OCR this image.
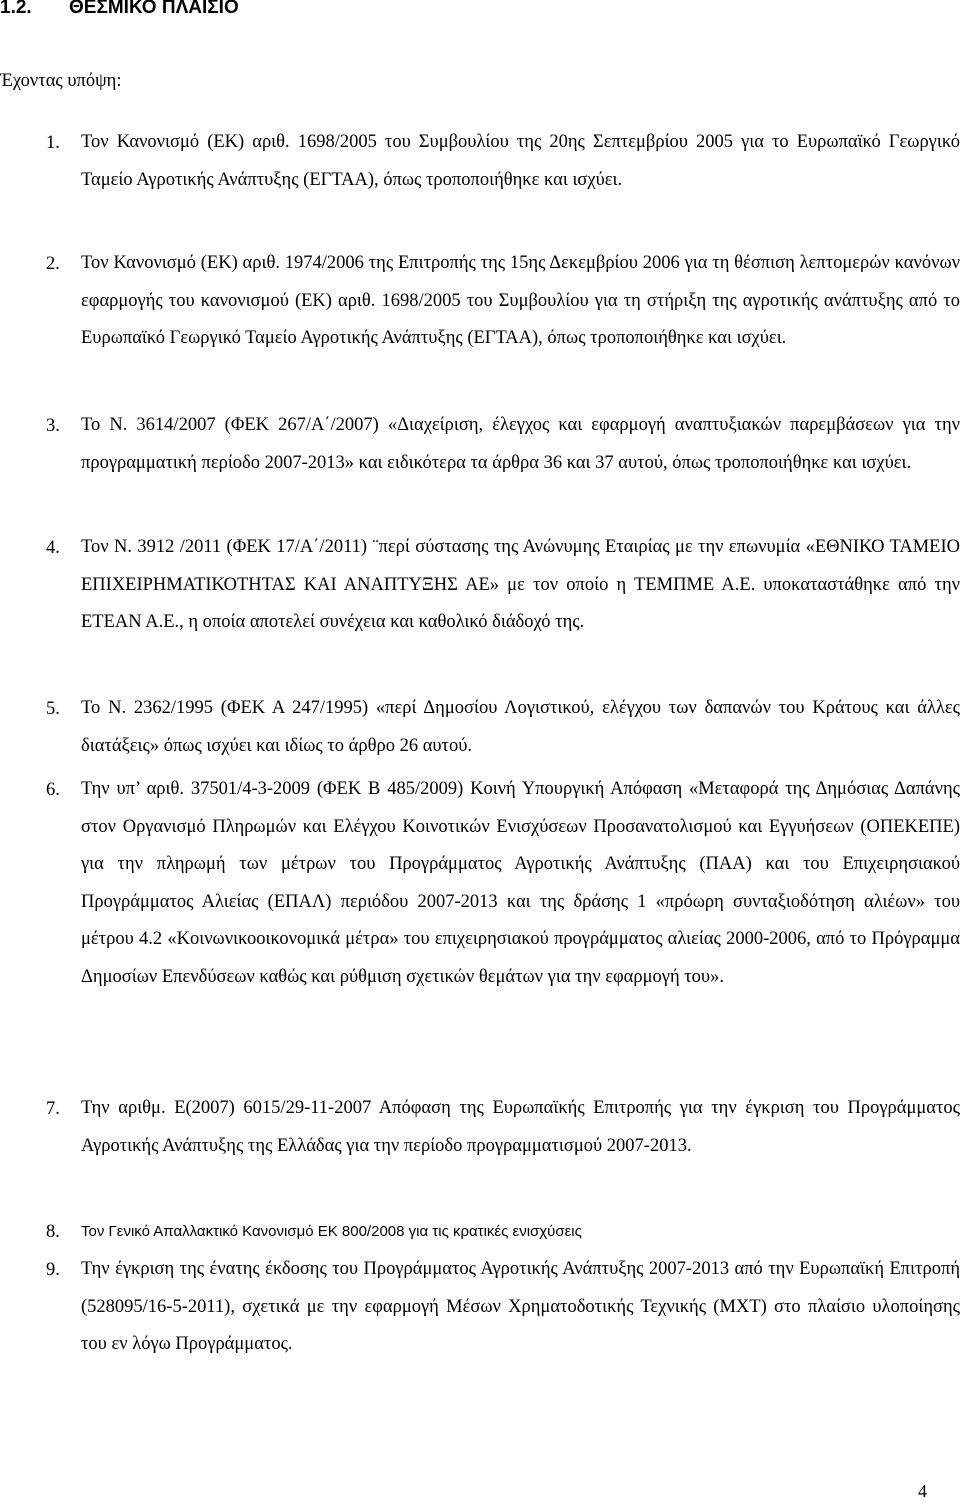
1.2. ΘΕΣΜΙΚΟ ΠΛΑΙΣΙΟ
Έχοντας υπόψη:
1. Τον Κανονισμό (ΕΚ) αριθ. 1698/2005 του Συμβουλίου της 20ης Σεπτεμβρίου 2005 για το Ευρωπαϊκό Γεωργικό Ταμείο Αγροτικής Ανάπτυξης (ΕΓΤΑΑ), όπως τροποποιήθηκε και ισχύει.
2. Τον Κανονισμό (ΕΚ) αριθ. 1974/2006 της Επιτροπής της 15ης Δεκεμβρίου 2006 για τη θέσπιση λεπτομερών κανόνων εφαρμογής του κανονισμού (ΕΚ) αριθ. 1698/2005 του Συμβουλίου για τη στήριξη της αγροτικής ανάπτυξης από το Ευρωπαϊκό Γεωργικό Ταμείο Αγροτικής Ανάπτυξης (ΕΓΤΑΑ), όπως τροποποιήθηκε και ισχύει.
3. Το Ν. 3614/2007 (ΦΕΚ 267/Α΄/2007) «Διαχείριση, έλεγχος και εφαρμογή αναπτυξιακών παρεμβάσεων για την προγραμματική περίοδο 2007-2013» και ειδικότερα τα άρθρα 36 και 37 αυτού, όπως τροποποιήθηκε και ισχύει.
4. Τον Ν. 3912 /2011 (ΦΕΚ 17/Α΄/2011) ¨περί σύστασης της Ανώνυμης Εταιρίας με την επωνυμία «ΕΘΝΙΚΟ ΤΑΜΕΙΟ ΕΠΙΧΕΙΡΗΜΑΤΙΚΟΤΗΤΑΣ ΚΑΙ ΑΝΑΠΤΥΞΗΣ ΑΕ» με τον οποίο η ΤΕΜΠΜΕ Α.Ε. υποκαταστάθηκε από την ΕΤΕΑΝ Α.Ε., η οποία αποτελεί συνέχεια και καθολικό διάδοχό της.
5. Το Ν. 2362/1995 (ΦΕΚ Α 247/1995) «περί Δημοσίου Λογιστικού, ελέγχου των δαπανών του Κράτους και άλλες διατάξεις» όπως ισχύει και ιδίως το άρθρο 26 αυτού.
6. Την υπ’ αριθ. 37501/4-3-2009 (ΦΕΚ Β 485/2009) Κοινή Υπουργική Απόφαση «Μεταφορά της Δημόσιας Δαπάνης στον Οργανισμό Πληρωμών και Ελέγχου Κοινοτικών Ενισχύσεων Προσανατολισμού και Εγγυήσεων (ΟΠΕΚΕΠΕ) για την πληρωμή των μέτρων του Προγράμματος Αγροτικής Ανάπτυξης (ΠΑΑ) και του Επιχειρησιακού Προγράμματος Αλιείας (ΕΠΑΛ) περιόδου 2007-2013 και της δράσης 1 «πρόωρη συνταξιοδότηση αλιέων» του μέτρου 4.2 «Κοινωνικοοικονομικά μέτρα» του επιχειρησιακού προγράμματος αλιείας 2000-2006, από το Πρόγραμμα Δημοσίων Επενδύσεων καθώς και ρύθμιση σχετικών θεμάτων για την εφαρμογή του».
7. Την αριθμ. Ε(2007) 6015/29-11-2007 Απόφαση της Ευρωπαϊκής Επιτροπής για την έγκριση του Προγράμματος Αγροτικής Ανάπτυξης της Ελλάδας για την περίοδο προγραμματισμού 2007-2013.
8. Τον Γενικό Απαλλακτικό Κανονισμό ΕΚ 800/2008 για τις κρατικές ενισχύσεις
9. Την έγκριση της ένατης έκδοσης του Προγράμματος Αγροτικής Ανάπτυξης 2007-2013 από την Ευρωπαϊκή Επιτροπή (528095/16-5-2011), σχετικά με την εφαρμογή Μέσων Χρηματοδοτικής Τεχνικής (ΜΧΤ) στο πλαίσιο υλοποίησης του εν λόγω Προγράμματος.
4
